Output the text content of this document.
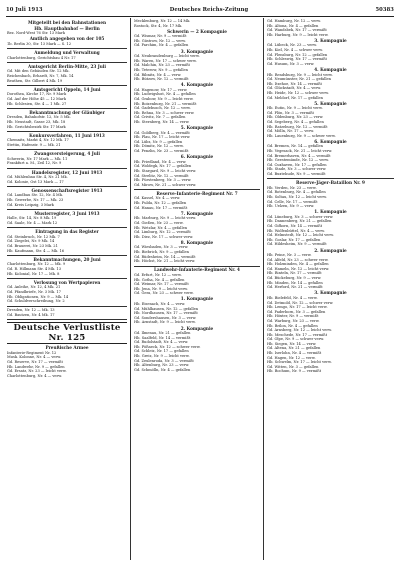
10 Juli 1913	Deutsches Reichs-Zeitung	50383
Mitgeteilt bei den Bahnstationen
Hb. Hauptbahnhof — Berlin
Bez. Nord-West 76 Str. 13 Mark
Amtlich angegeben von der 105
1b. Berlin 30, Str. 13 Mark — S. 12
Anmeldung und Verwaltung
Charlottenburg, Gerichtsbau 4 Nr. 17
Amtsgericht Berlin-Mitte, 23 Juli
Gd. Mit den Gebäuden Str. 12 Mk.
Reichenbach, Erhardt, Nr. 7, Mk. 14
Beuthen, Str. Gilbert 4 Mk. 19
Amtsgericht Oppeln, 14 Juni
Dorothea, Kirche 17, Nr. 9 Mark
Gd. Auf der Höhe 45 — 12 Mark
Hb. Schlesien, Str. 4 — 1 Mk. 27
Bekanntmachung der Gläubiger
Dresden, Bahnhofstr. 12, Nr. 5 Mk.
Hb. Neustadt, Gasse 23, Mk. 18
Hb. Gerichtsbezirk Str. 17 Mark
Konkursverfahren, 11 Juni 1913
Chemnitz, Markt 4, Nr. 12 Mk. 17
Stettin, Hafenstr. 9 — Mk. 21
Zwangsversteigerung, 4 Juli
Schwerin, Nr. 17 Mark — Mk. 11
Frankfurt a. M., Zeil 12, Nr. 9
Handelsregister, 12 Juni 1913
Gd. Mühlenbau Str. 4, Nr. 21 Mk.
Gd. Kolonie, Ost 13 Mark — 17
Genossenschaftsregister 1913
Gd. Landbau Str. 12, Nr. 4 Mk.
Hb. Gewerbe, Nr. 17 — Mk. 23
Gd. Kreis Leipzig, 3 Mark
Musterregister, 3 Juni 1913
Halle, Str. 14, Nr. 8 Mk. 19
Gd. Saale, Nr. 4 — Mark 12
Eintragung in das Register
Gd. Steinbruch, Nr. 12 Mk. 7
Gd. Ziegelei, Nr. 9 Mk. 14
Gd. Brauerei, Nr. 23 Mk. 21
Hb. Kaufmann, Str. 4 — Mk. 16
Bekanntmachungen, 20 Juni
Charlottenburg, Nr. 12 — Mk. 9
Gd. R. Hillmann Str. 4 Mk. 13
Hb. Kolonial, Nr. 17 — Mk. 8
Verlosung von Wertpapieren
Gd. Anleihe, Nr. 12, 4 Mk. 21
Gd. Pfandbriefe, Nr. 3 Mk. 17
Hb. Obligationen, Nr. 9 — Mk. 14
Gd. Schuldverschreibung, Nr. 2
Dresden, Nr. 12 — Mk. 13
Gd. Bautzen, Nr. 4 Mk. 17
Deutsche Verlustliste Nr. 125
Preußische Armee
Infanterie-Regiment Nr. 12
Musk. Kolonne, Nr. 4 — verw.
Gd. Reserve, Nr. 17 — vermißt
Hb. Landwehr, Nr. 9 — gefallen
Gd. Ersatz, Nr. 23 — leicht verw.
Charlottenburg, Nr. 4 — verw.
Mecklenburg, Nr. 12 — 14 Mk.
Rostock, Str. 4, Nr. 17 Mk.
Schwerin — 2 Kompagnie
Gd. Wismar, Nr. 9 — vermißt
Hb. Güstrow, Nr. 12 — verw.
Gd. Parchim, Nr. 4 — gefallen
3. Kompagnie
Gd. Neubrandenburg — leicht verw.
Hb. Waren, Nr. 17 — schwer verw.
Gd. Malchin, Nr. 23 — vermißt
Hb. Teterow, Nr. 9 — gefallen
Gd. Ribnitz, Nr. 4 — verw.
Hb. Bützow, Nr. 12 — vermißt
4. Kompagnie
Gd. Hagenow, Nr. 17 — verw.
Hb. Ludwigslust, Nr. 4 — gefallen
Gd. Grabow, Nr. 9 — leicht verw.
Hb. Boizenburg, Nr. 21 — vermißt
Gd. Gadebusch, Nr. 12 — verw.
Hb. Rehna, Nr. 3 — schwer verw.
Gd. Crivitz, Nr. 7 — gefallen
Hb. Sternberg, Nr. 14 — verw.
5. Kompagnie
Gd. Goldberg, Nr. 4 — vermißt
Hb. Plau, Nr. 17 — leicht verw.
Gd. Lübz, Nr. 9 — gefallen
Hb. Dömitz, Nr. 12 — verw.
Gd. Penzlin, Nr. 23 — vermißt
6. Kompagnie
Hb. Friedland, Nr. 4 — verw.
Gd. Woldegk, Nr. 17 — gefallen
Hb. Stargard, Nr. 9 — leicht verw.
Gd. Strelitz, Nr. 12 — vermißt
Hb. Fürstenberg, Nr. 3 — verw.
Gd. Mirow, Nr. 21 — schwer verw.
Reserve-Infanterie-Regiment Nr. 7
Gd. Kassel, Nr. 4 — verw.
Hb. Fulda, Nr. 12 — gefallen
Gd. Hanau, Nr. 17 — vermißt
7. Kompagnie
Hb. Marburg, Nr. 9 — leicht verw.
Gd. Gießen, Nr. 23 — verw.
Hb. Wetzlar, Nr. 4 — gefallen
Gd. Limburg, Nr. 12 — vermißt
Hb. Diez, Nr. 17 — schwer verw.
8. Kompagnie
Gd. Wiesbaden, Nr. 3 — verw.
Hb. Biebrich, Nr. 9 — gefallen
Gd. Rüdesheim, Nr. 14 — vermißt
Hb. Höchst, Nr. 21 — leicht verw.
Landwehr-Infanterie-Regiment Nr. 4
Gd. Erfurt, Nr. 12 — verw.
Hb. Gotha, Nr. 4 — gefallen
Gd. Weimar, Nr. 17 — vermißt
Hb. Jena, Nr. 9 — leicht verw.
Gd. Gera, Nr. 23 — schwer verw.
1. Kompagnie
Hb. Eisenach, Nr. 4 — verw.
Gd. Mühlhausen, Nr. 12 — gefallen
Hb. Nordhausen, Nr. 17 — vermißt
Gd. Sondershausen, Nr. 3 — verw.
Hb. Arnstadt, Nr. 9 — leicht verw.
2. Kompagnie
Gd. Ilmenau, Nr. 21 — gefallen
Hb. Saalfeld, Nr. 14 — vermißt
Gd. Rudolstadt, Nr. 4 — verw.
Hb. Pößneck, Nr. 12 — schwer verw.
Gd. Schleiz, Nr. 17 — gefallen
Hb. Greiz, Nr. 9 — leicht verw.
Gd. Zeulenroda, Nr. 3 — vermißt
Hb. Altenburg, Nr. 23 — verw.
Gd. Schmölln, Nr. 4 — gefallen
Gd. Hamburg, Nr. 12 — verw.
Hb. Altona, Nr. 4 — gefallen
Gd. Wandsbek, Nr. 17 — vermißt
Hb. Harburg, Nr. 9 — leicht verw.
3. Kompagnie
Gd. Lübeck, Nr. 23 — verw.
Hb. Kiel, Nr. 4 — schwer verw.
Gd. Flensburg, Nr. 12 — gefallen
Hb. Schleswig, Nr. 17 — vermißt
Gd. Husum, Nr. 3 — verw.
4. Kompagnie
Hb. Rendsburg, Nr. 9 — leicht verw.
Gd. Neumünster, Nr. 21 — gefallen
Hb. Itzehoe, Nr. 14 — vermißt
Gd. Glückstadt, Nr. 4 — verw.
Hb. Heide, Nr. 12 — schwer verw.
Gd. Meldorf, Nr. 17 — gefallen
5. Kompagnie
Hb. Eutin, Nr. 9 — leicht verw.
Gd. Plön, Nr. 3 — vermißt
Hb. Oldenburg, Nr. 23 — verw.
Gd. Segeberg, Nr. 4 — gefallen
Hb. Ratzeburg, Nr. 12 — vermißt
Gd. Mölln, Nr. 17 — verw.
Hb. Lauenburg, Nr. 9 — schwer verw.
6. Kompagnie
Gd. Bremen, Nr. 14 — gefallen
Hb. Vegesack, Nr. 21 — leicht verw.
Gd. Bremerhaven, Nr. 4 — vermißt
Hb. Geestemünde, Nr. 12 — verw.
Gd. Cuxhaven, Nr. 17 — gefallen
Hb. Stade, Nr. 3 — schwer verw.
Gd. Buxtehude, Nr. 9 — vermißt
Reserve-Jäger-Bataillon Nr. 9
Hb. Verden, Nr. 23 — verw.
Gd. Rotenburg, Nr. 4 — gefallen
Hb. Soltau, Nr. 12 — leicht verw.
Gd. Celle, Nr. 17 — vermißt
Hb. Uelzen, Nr. 9 — verw.
1. Kompagnie
Gd. Lüneburg, Nr. 3 — schwer verw.
Hb. Dannenberg, Nr. 21 — gefallen
Gd. Gifhorn, Nr. 14 — vermißt
Hb. Wolfenbüttel, Nr. 4 — verw.
Gd. Helmstedt, Nr. 12 — leicht verw.
Hb. Goslar, Nr. 17 — gefallen
Gd. Hildesheim, Nr. 9 — vermißt
2. Kompagnie
Hb. Peine, Nr. 3 — verw.
Gd. Alfeld, Nr. 23 — schwer verw.
Hb. Holzminden, Nr. 4 — gefallen
Gd. Hameln, Nr. 12 — leicht verw.
Hb. Rinteln, Nr. 17 — vermißt
Gd. Bückeburg, Nr. 9 — verw.
Hb. Minden, Nr. 14 — gefallen
Gd. Herford, Nr. 21 — vermißt
3. Kompagnie
Hb. Bielefeld, Nr. 4 — verw.
Gd. Detmold, Nr. 12 — schwer verw.
Hb. Lemgo, Nr. 17 — leicht verw.
Gd. Paderborn, Nr. 3 — gefallen
Hb. Höxter, Nr. 9 — vermißt
Gd. Warburg, Nr. 23 — verw.
Hb. Brilon, Nr. 4 — gefallen
Gd. Arnsberg, Nr. 12 — leicht verw.
Hb. Meschede, Nr. 17 — vermißt
Gd. Olpe, Nr. 9 — schwer verw.
Hb. Siegen, Nr. 14 — verw.
Gd. Altena, Nr. 21 — gefallen
Hb. Iserlohn, Nr. 4 — vermißt
Gd. Hagen, Nr. 12 — verw.
Hb. Schwelm, Nr. 17 — leicht verw.
Gd. Witten, Nr. 3 — gefallen
Hb. Bochum, Nr. 9 — vermißt
